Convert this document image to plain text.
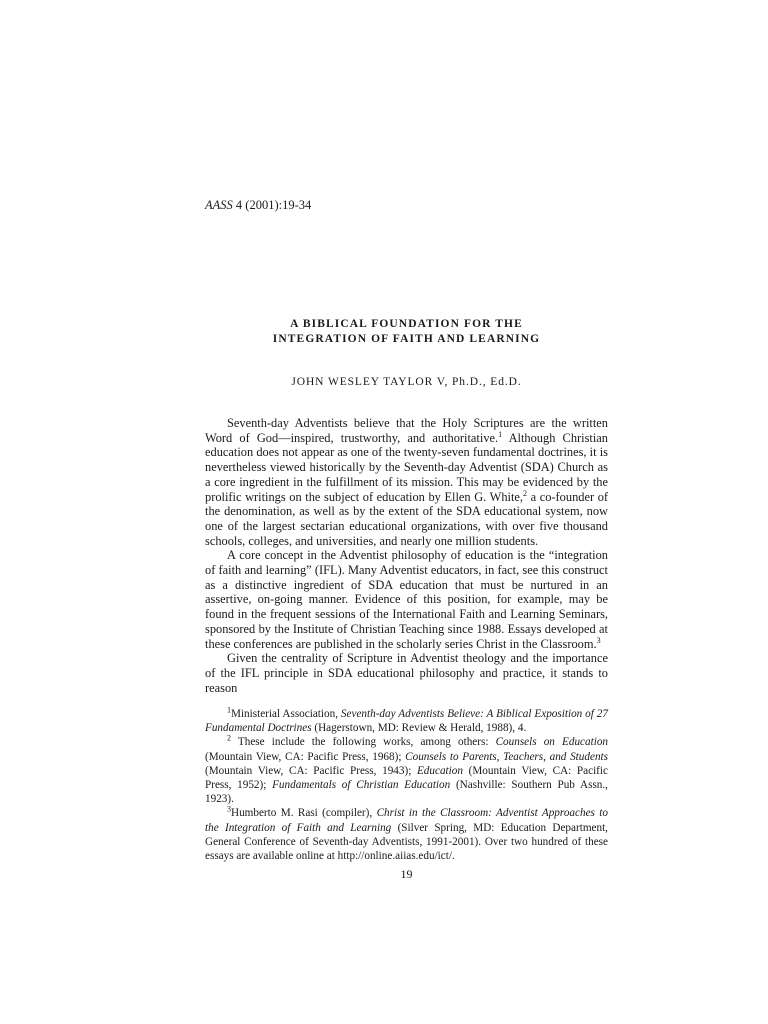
AASS 4 (2001):19-34
A BIBLICAL FOUNDATION FOR THE
INTEGRATION OF FAITH AND LEARNING
JOHN WESLEY TAYLOR V, Ph.D., Ed.D.

Seventh-day Adventists believe that the Holy Scriptures are the written Word of God—inspired, trustworthy, and authoritative.$^1$ Although Christian education does not appear as one of the twenty-seven fundamental doctrines, it is nevertheless viewed historically by the Seventh-day Adventist (SDA) Church as a core ingredient in the fulfillment of its mission. This may be evidenced by the prolific writings on the subject of education by Ellen G. White,$^2$ a co-founder of the denomination, as well as by the extent of the SDA educational system, now one of the largest sectarian educational organizations, with over five thousand schools, colleges, and universities, and nearly one million students.

A core concept in the Adventist philosophy of education is the “integration of faith and learning” (IFL). Many Adventist educators, in fact, see this construct as a distinctive ingredient of SDA education that must be nurtured in an assertive, on-going manner. Evidence of this position, for example, may be found in the frequent sessions of the International Faith and Learning Seminars, sponsored by the Institute of Christian Teaching since 1988. Essays developed at these conferences are published in the scholarly series Christ in the Classroom.$^3$

Given the centrality of Scripture in Adventist theology and the importance of the IFL principle in SDA educational philosophy and practice, it stands to reason

$^1$Ministerial Association, Seventh-day Adventists Believe: A Biblical Exposition of 27 Fundamental Doctrines (Hagerstown, MD: Review & Herald, 1988), 4.

$^2$ These include the following works, among others: Counsels on Education (Mountain View, CA: Pacific Press, 1968); Counsels to Parents, Teachers, and Students (Mountain View, CA: Pacific Press, 1943); Education (Mountain View, CA: Pacific Press, 1952); Fundamentals of Christian Education (Nashville: Southern Pub Assn., 1923).

$^3$Humberto M. Rasi (compiler), Christ in the Classroom: Adventist Approaches to the Integration of Faith and Learning (Silver Spring, MD: Education Department, General Conference of Seventh-day Adventists, 1991-2001). Over two hundred of these essays are available online at http://online.aiias.edu/ict/.

19
